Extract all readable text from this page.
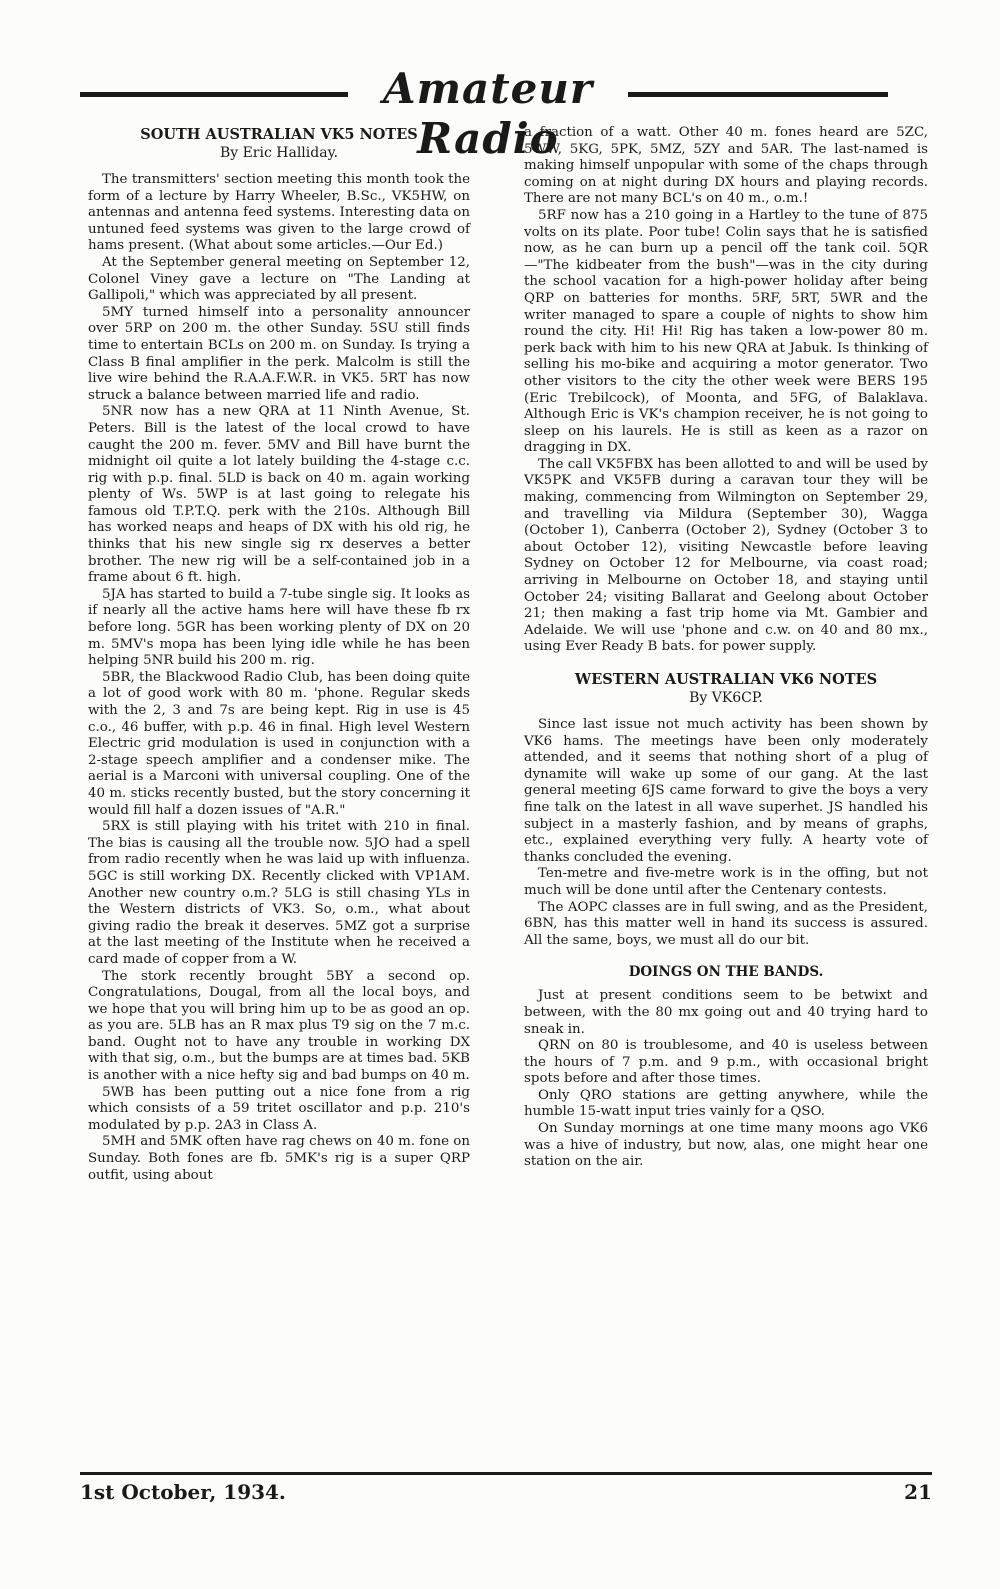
Amateur Radio
SOUTH AUSTRALIAN VK5 NOTES
By Eric Halliday.

The transmitters' section meeting this month took the form of a lecture by Harry Wheeler, B.Sc., VK5HW, on antennas and antenna feed systems. Interesting data on untuned feed systems was given to the large crowd of hams present. (What about some articles.—Our Ed.)

At the September general meeting on September 12, Colonel Viney gave a lecture on "The Landing at Gallipoli," which was appreciated by all present.

5MY turned himself into a personality announcer over 5RP on 200 m. the other Sunday. 5SU still finds time to entertain BCLs on 200 m. on Sunday. Is trying a Class B final amplifier in the perk. Malcolm is still the live wire behind the R.A.A.F.W.R. in VK5. 5RT has now struck a balance between married life and radio.

5NR now has a new QRA at 11 Ninth Avenue, St. Peters. Bill is the latest of the local crowd to have caught the 200 m. fever. 5MV and Bill have burnt the midnight oil quite a lot lately building the 4-stage c.c. rig with p.p. final. 5LD is back on 40 m. again working plenty of Ws. 5WP is at last going to relegate his famous old T.P.T.Q. perk with the 210s. Although Bill has worked neaps and heaps of DX with his old rig, he thinks that his new single sig rx deserves a better brother. The new rig will be a self-contained job in a frame about 6 ft. high.

5JA has started to build a 7-tube single sig. It looks as if nearly all the active hams here will have these fb rx before long. 5GR has been working plenty of DX on 20 m. 5MV's mopa has been lying idle while he has been helping 5NR build his 200 m. rig.

5BR, the Blackwood Radio Club, has been doing quite a lot of good work with 80 m. 'phone. Regular skeds with the 2, 3 and 7s are being kept. Rig in use is 45 c.o., 46 buffer, with p.p. 46 in final. High level Western Electric grid modulation is used in conjunction with a 2-stage speech amplifier and a condenser mike. The aerial is a Marconi with universal coupling. One of the 40 m. sticks recently busted, but the story concerning it would fill half a dozen issues of "A.R."

5RX is still playing with his tritet with 210 in final. The bias is causing all the trouble now. 5JO had a spell from radio recently when he was laid up with influenza. 5GC is still working DX. Recently clicked with VP1AM. Another new country o.m.? 5LG is still chasing YLs in the Western districts of VK3. So, o.m., what about giving radio the break it deserves. 5MZ got a surprise at the last meeting of the Institute when he received a card made of copper from a W.

The stork recently brought 5BY a second op. Congratulations, Dougal, from all the local boys, and we hope that you will bring him up to be as good an op. as you are. 5LB has an R max plus T9 sig on the 7 m.c. band. Ought not to have any trouble in working DX with that sig, o.m., but the bumps are at times bad. 5KB is another with a nice hefty sig and bad bumps on 40 m.

5WB has been putting out a nice fone from a rig which consists of a 59 tritet oscillator and p.p. 210's modulated by p.p. 2A3 in Class A.

5MH and 5MK often have rag chews on 40 m. fone on Sunday. Both fones are fb. 5MK's rig is a super QRP outfit, using about

a fraction of a watt. Other 40 m. fones heard are 5ZC, 5WW, 5KG, 5PK, 5MZ, 5ZY and 5AR. The last-named is making himself unpopular with some of the chaps through coming on at night during DX hours and playing records. There are not many BCL's on 40 m., o.m.!

5RF now has a 210 going in a Hartley to the tune of 875 volts on its plate. Poor tube! Colin says that he is satisfied now, as he can burn up a pencil off the tank coil. 5QR—"The kidbeater from the bush"—was in the city during the school vacation for a high-power holiday after being QRP on batteries for months. 5RF, 5RT, 5WR and the writer managed to spare a couple of nights to show him round the city. Hi! Hi! Rig has taken a low-power 80 m. perk back with him to his new QRA at Jabuk. Is thinking of selling his mo-bike and acquiring a motor generator. Two other visitors to the city the other week were BERS 195 (Eric Trebilcock), of Moonta, and 5FG, of Balaklava. Although Eric is VK's champion receiver, he is not going to sleep on his laurels. He is still as keen as a razor on dragging in DX.

The call VK5FBX has been allotted to and will be used by VK5PK and VK5FB during a caravan tour they will be making, commencing from Wilmington on September 29, and travelling via Mildura (September 30), Wagga (October 1), Canberra (October 2), Sydney (October 3 to about October 12), visiting Newcastle before leaving Sydney on October 12 for Melbourne, via coast road; arriving in Melbourne on October 18, and staying until October 24; visiting Ballarat and Geelong about October 21; then making a fast trip home via Mt. Gambier and Adelaide. We will use 'phone and c.w. on 40 and 80 mx., using Ever Ready B bats. for power supply.

WESTERN AUSTRALIAN VK6 NOTES
By VK6CP.

Since last issue not much activity has been shown by VK6 hams. The meetings have been only moderately attended, and it seems that nothing short of a plug of dynamite will wake up some of our gang. At the last general meeting 6JS came forward to give the boys a very fine talk on the latest in all wave superhet. JS handled his subject in a masterly fashion, and by means of graphs, etc., explained everything very fully. A hearty vote of thanks concluded the evening.

Ten-metre and five-metre work is in the offing, but not much will be done until after the Centenary contests.

The AOPC classes are in full swing, and as the President, 6BN, has this matter well in hand its success is assured. All the same, boys, we must all do our bit.

DOINGS ON THE BANDS.

Just at present conditions seem to be betwixt and between, with the 80 mx going out and 40 trying hard to sneak in.

QRN on 80 is troublesome, and 40 is useless between the hours of 7 p.m. and 9 p.m., with occasional bright spots before and after those times.

Only QRO stations are getting anywhere, while the humble 15-watt input tries vainly for a QSO.

On Sunday mornings at one time many moons ago VK6 was a hive of industry, but now, alas, one might hear one station on the air.

1st October, 1934.	21
